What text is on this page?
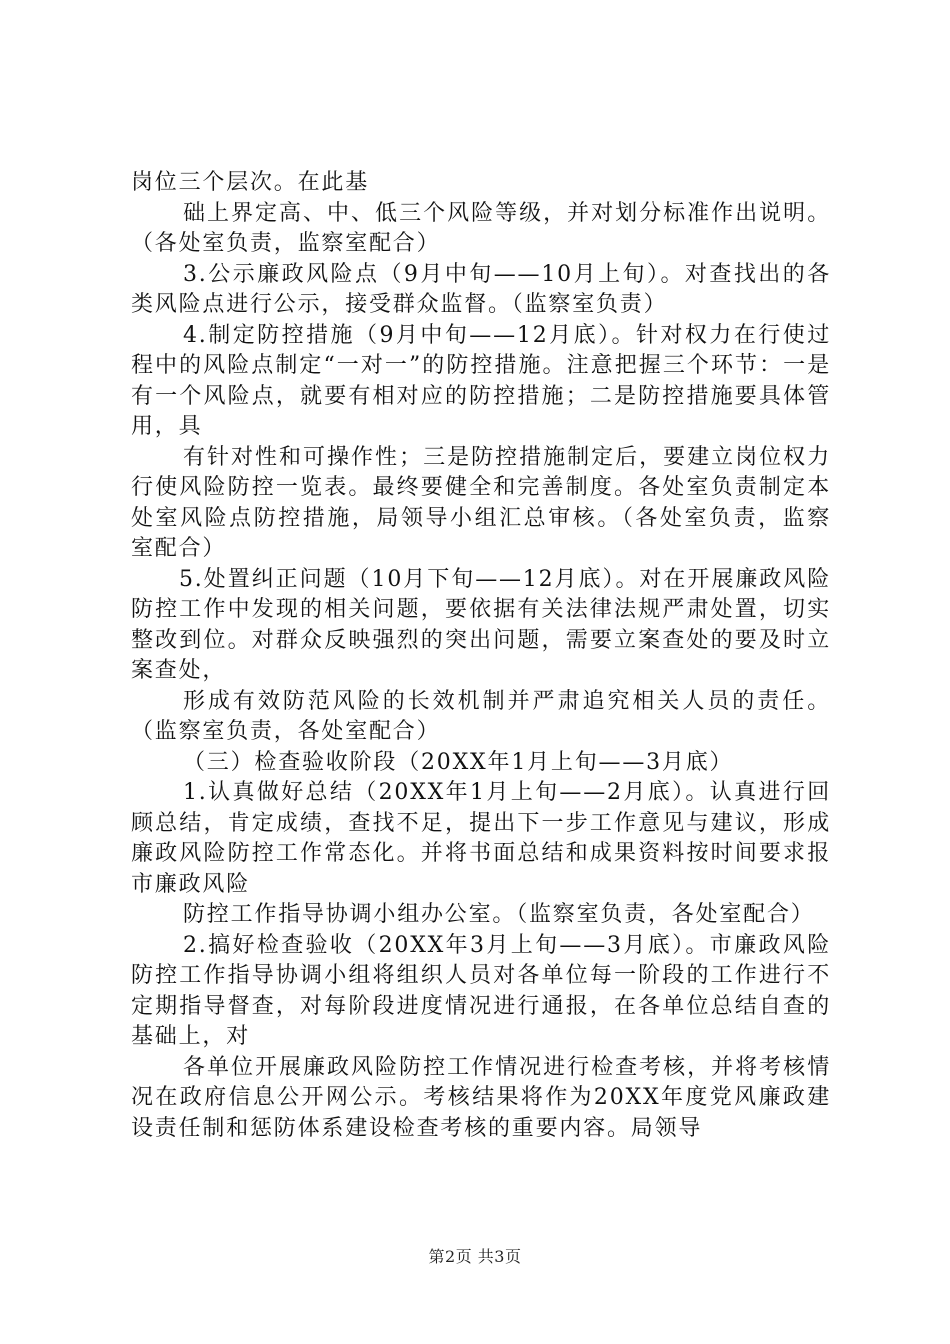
岗位三个层次。在此基

础上界定高、中、低三个风险等级，并对划分标准作出说明。（各处室负责，监察室配合）

3.公示廉政风险点（9月中旬——10月上旬）。对查找出的各类风险点进行公示，接受群众监督。（监察室负责）

4.制定防控措施（9月中旬——12月底）。针对权力在行使过程中的风险点制定“一对一”的防控措施。注意把握三个环节：一是有一个风险点，就要有相对应的防控措施；二是防控措施要具体管用，具

有针对性和可操作性；三是防控措施制定后，要建立岗位权力行使风险防控一览表。最终要健全和完善制度。各处室负责制定本处室风险点防控措施，局领导小组汇总审核。（各处室负责，监察室配合）

5.处置纠正问题（10月下旬——12月底）。对在开展廉政风险防控工作中发现的相关问题，要依据有关法律法规严肃处置，切实整改到位。对群众反映强烈的突出问题，需要立案查处的要及时立案查处，

形成有效防范风险的长效机制并严肃追究相关人员的责任。（监察室负责，各处室配合）

（三）检查验收阶段（20XX年1月上旬——3月底）

1.认真做好总结（20XX年1月上旬——2月底）。认真进行回顾总结，肯定成绩，查找不足，提出下一步工作意见与建议，形成廉政风险防控工作常态化。并将书面总结和成果资料按时间要求报市廉政风险

防控工作指导协调小组办公室。（监察室负责，各处室配合）

2.搞好检查验收（20XX年3月上旬——3月底）。市廉政风险防控工作指导协调小组将组织人员对各单位每一阶段的工作进行不定期指导督查，对每阶段进度情况进行通报，在各单位总结自查的基础上，对

各单位开展廉政风险防控工作情况进行检查考核，并将考核情况在政府信息公开网公示。考核结果将作为20XX年度党风廉政建设责任制和惩防体系建设检查考核的重要内容。局领导

第2页 共3页
